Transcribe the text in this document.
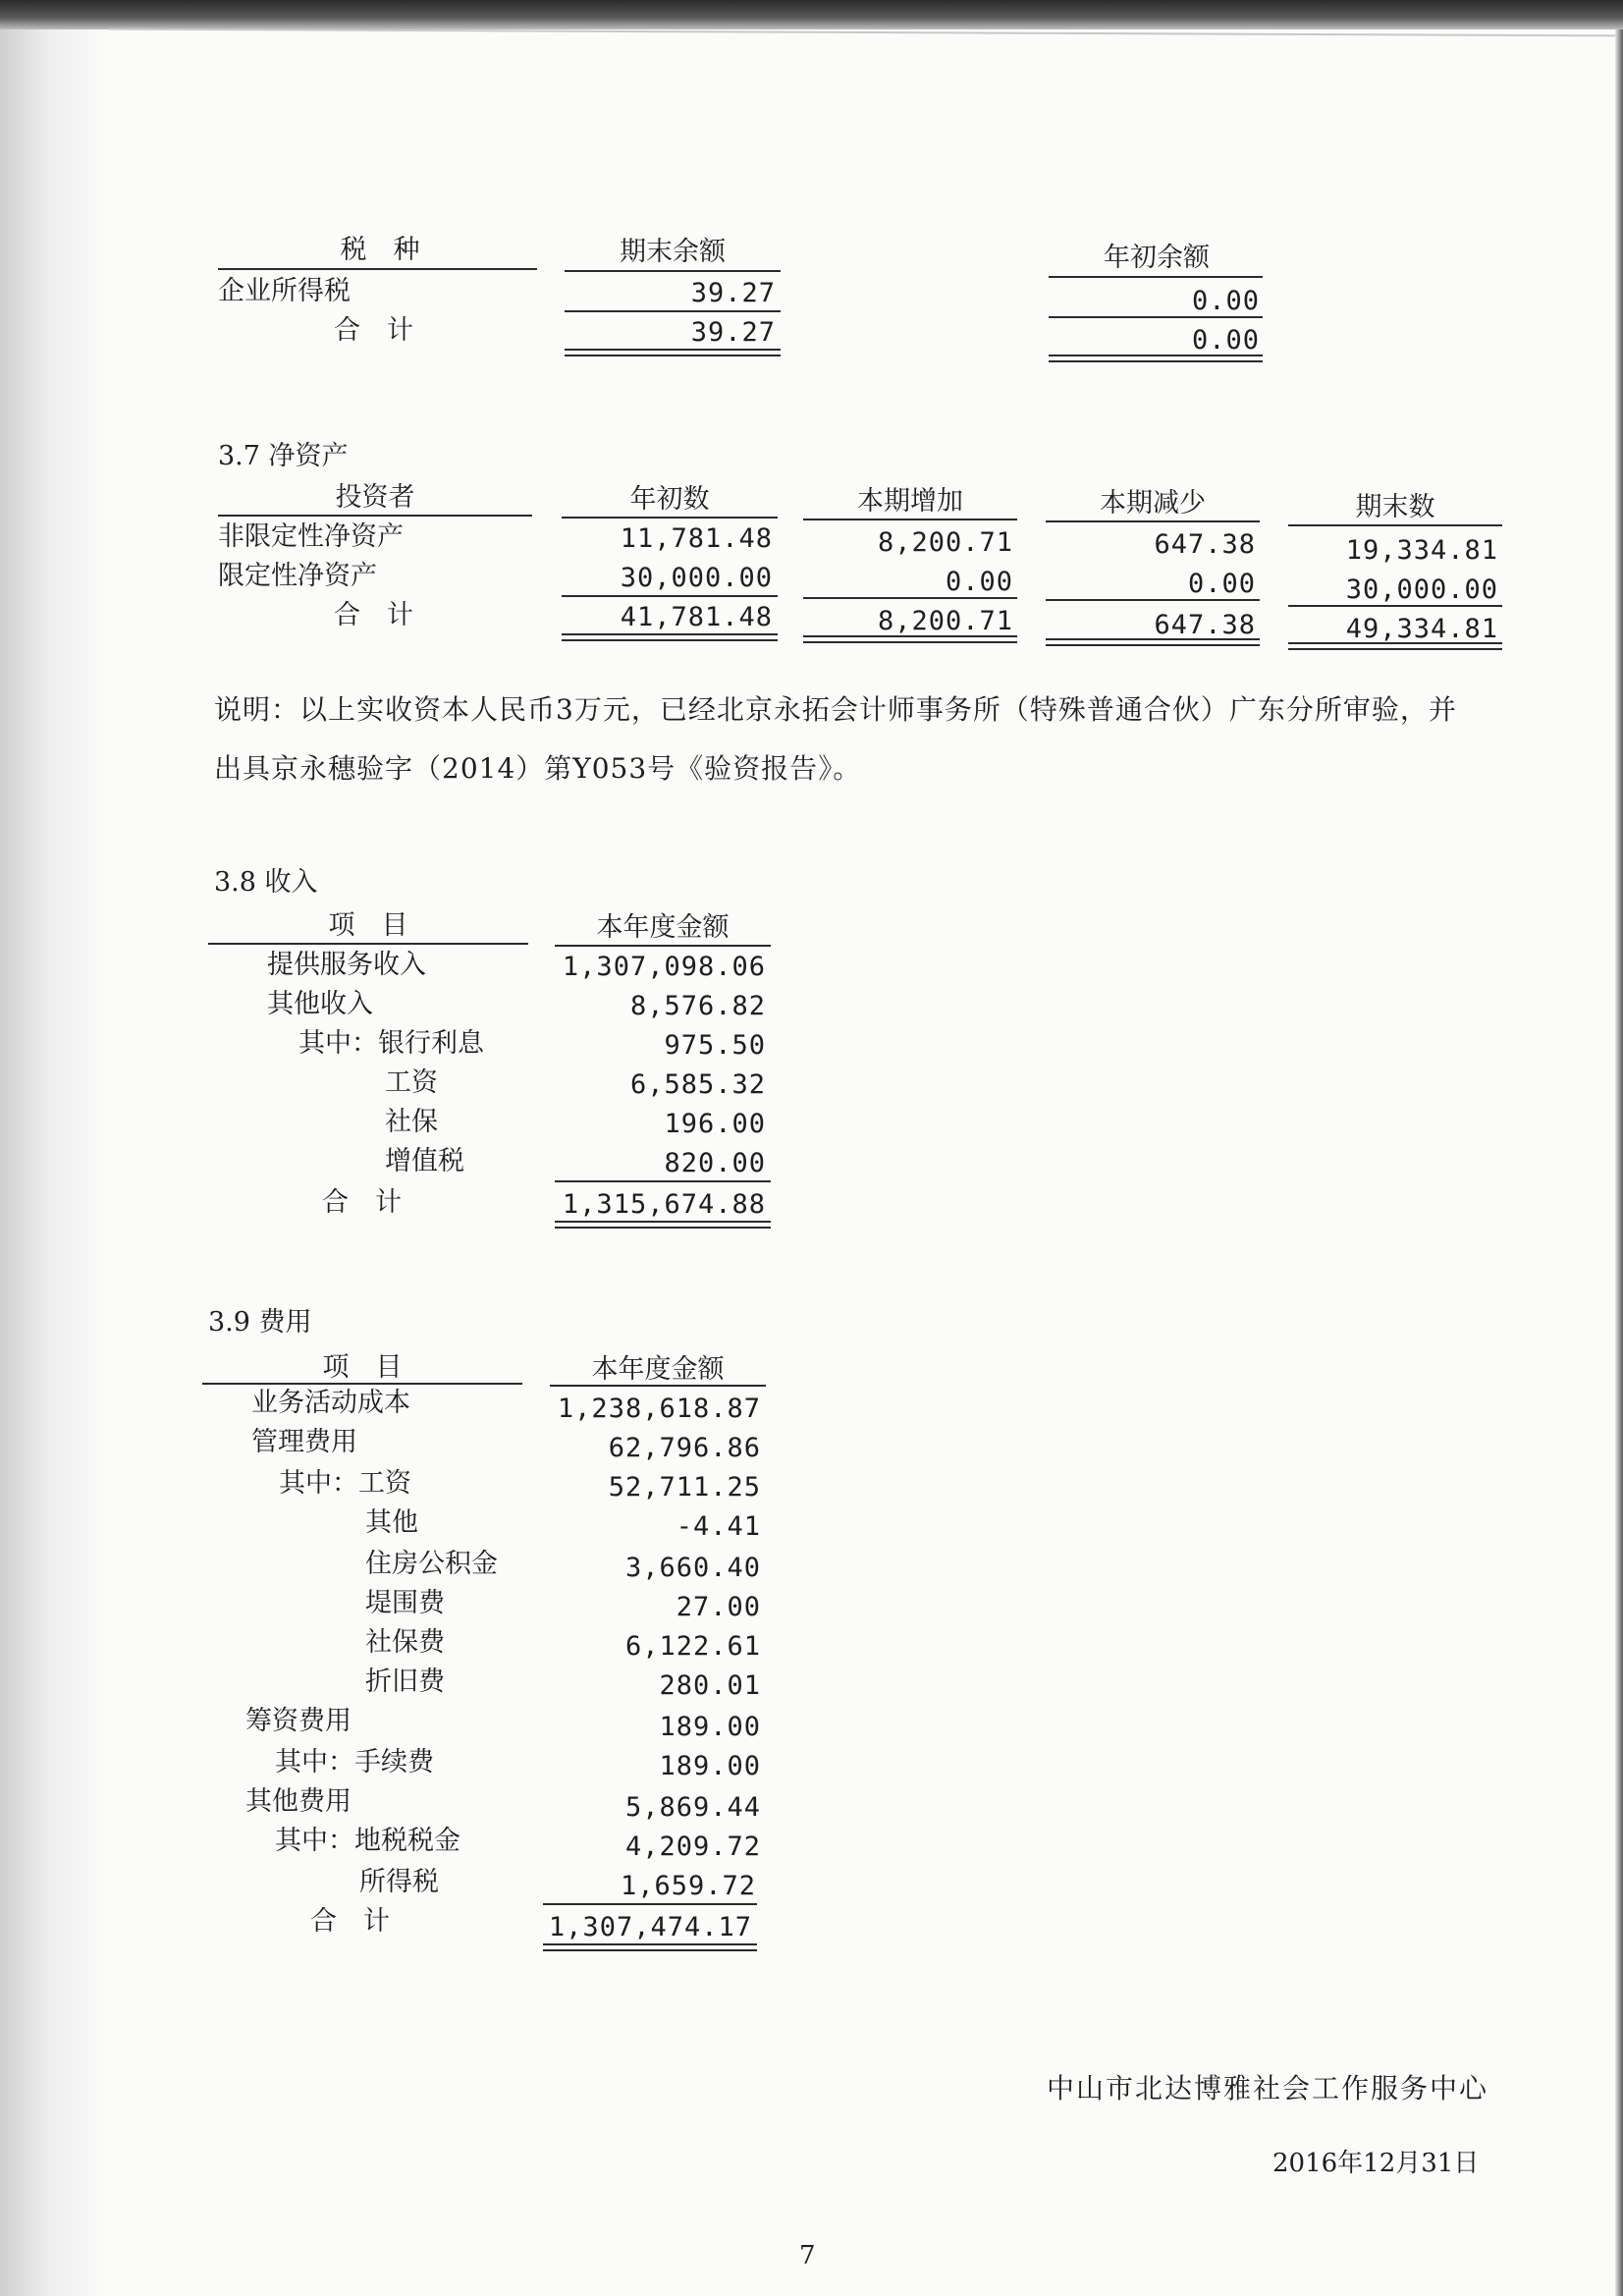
税　种	期末余额	年初余额
企业所得税	39.27	0.00
合　计	39.27	0.00
3.7 净资产
投资者	年初数	本期增加	本期减少	期末数
非限定性净资产	11,781.48	8,200.71	647.38	19,334.81
限定性净资产	30,000.00	0.00	0.00	30,000.00
合　计	41,781.48	8,200.71	647.38	49,334.81
说明：以上实收资本人民币3万元，已经北京永拓会计师事务所（特殊普通合伙）广东分所审验，并
出具京永穗验字（2014）第Y053号《验资报告》。
3.8 收入
项　目	本年度金额
提供服务收入	1,307,098.06
其他收入	8,576.82
其中：银行利息	975.50
工资	6,585.32
社保	196.00
增值税	820.00
合　计	1,315,674.88
3.9 费用
项　目	本年度金额
业务活动成本	1,238,618.87
管理费用	62,796.86
其中：工资	52,711.25
其他	-4.41
住房公积金	3,660.40
堤围费	27.00
社保费	6,122.61
折旧费	280.01
筹资费用	189.00
其中：手续费	189.00
其他费用	5,869.44
其中：地税税金	4,209.72
所得税	1,659.72
合　计	1,307,474.17
中山市北达博雅社会工作服务中心
2016年12月31日
7
